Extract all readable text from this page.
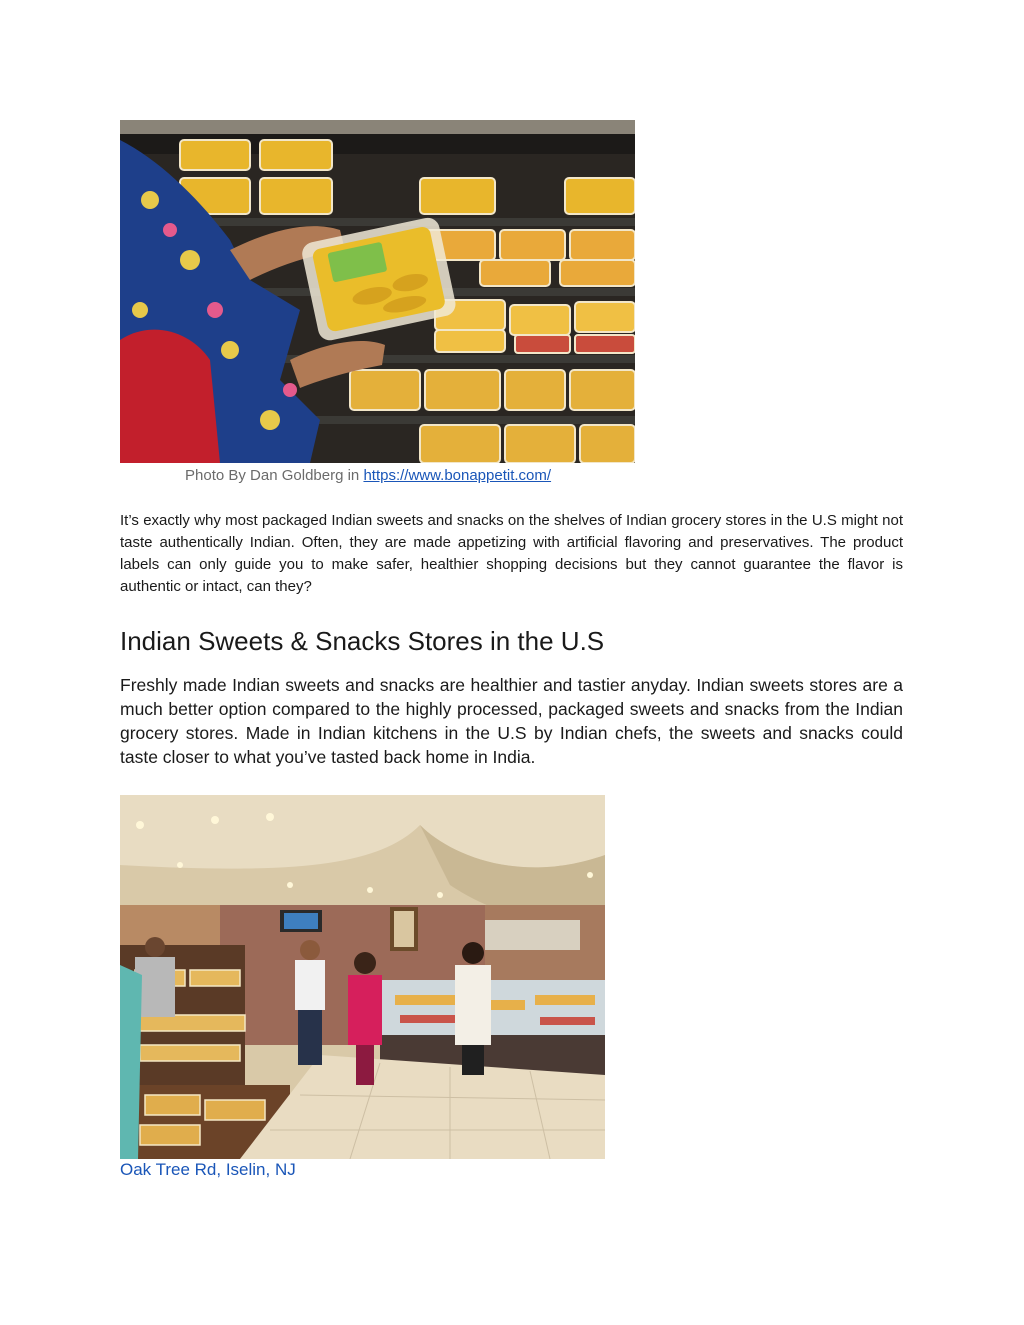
Photo By Dan Goldberg in https://www.bonappetit.com/

It’s exactly why most packaged Indian sweets and snacks on the shelves of Indian grocery stores in the U.S might not taste authentically Indian. Often, they are made appetizing with artificial flavoring and preservatives. The product labels can only guide you to make safer, healthier shopping decisions but they cannot guarantee the flavor is authentic or intact, can they?

Indian Sweets & Snacks Stores in the U.S

Freshly made Indian sweets and snacks are healthier and tastier anyday. Indian sweets stores are a much better option compared to the highly processed, packaged sweets and snacks from the Indian grocery stores. Made in Indian kitchens in the U.S by Indian chefs, the sweets and snacks could taste closer to what you’ve tasted back home in India.

Oak Tree Rd, Iselin, NJ
